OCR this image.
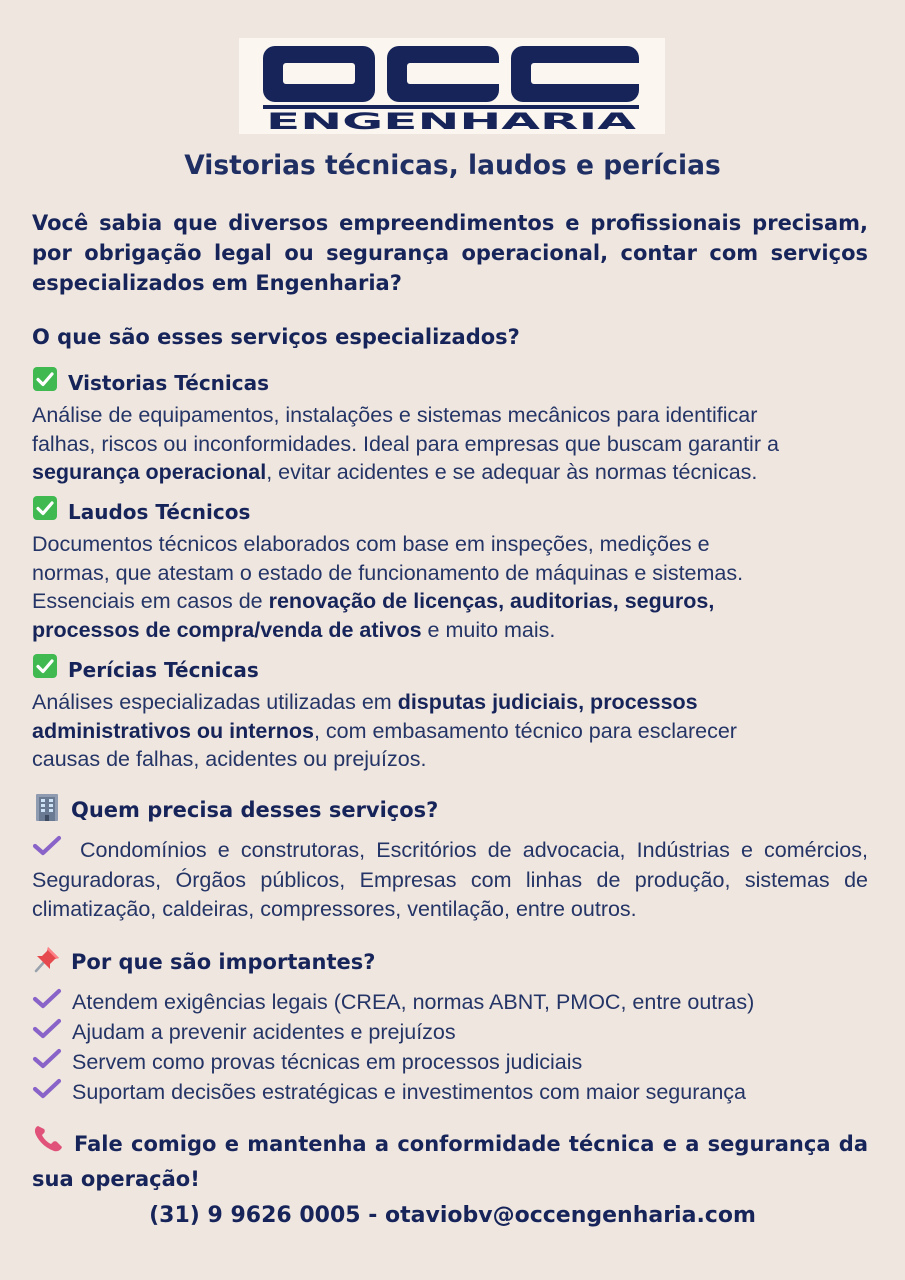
ENGENHARIA
Vistorias técnicas, laudos e perícias

Você sabia que diversos empreendimentos e profissionais precisam, por obrigação legal ou segurança operacional, contar com serviços especializados em Engenharia?

O que são esses serviços especializados?
Vistorias Técnicas
Análise de equipamentos, instalações e sistemas mecânicos para identificar
falhas, riscos ou inconformidades. Ideal para empresas que buscam garantir a
segurança operacional, evitar acidentes e se adequar às normas técnicas.
Laudos Técnicos
Documentos técnicos elaborados com base em inspeções, medições e
normas, que atestam o estado de funcionamento de máquinas e sistemas.
Essenciais em casos de renovação de licenças, auditorias, seguros,
processos de compra/venda de ativos e muito mais.
Perícias Técnicas
Análises especializadas utilizadas em disputas judiciais, processos
administrativos ou internos, com embasamento técnico para esclarecer
causas de falhas, acidentes ou prejuízos.
Quem precisa desses serviços?

Condomínios e construtoras, Escritórios de advocacia, Indústrias e comércios, Seguradoras, Órgãos públicos, Empresas com linhas de produção, sistemas de climatização, caldeiras, compressores, ventilação, entre outros.

Por que são importantes?
Atendem exigências legais (CREA, normas ABNT, PMOC, entre outras)
Ajudam a prevenir acidentes e prejuízos
Servem como provas técnicas em processos judiciais
Suportam decisões estratégicas e investimentos com maior segurança

Fale comigo e mantenha a conformidade técnica e a segurança da sua operação!

(31) 9 9626 0005 - otaviobv@occengenharia.com
